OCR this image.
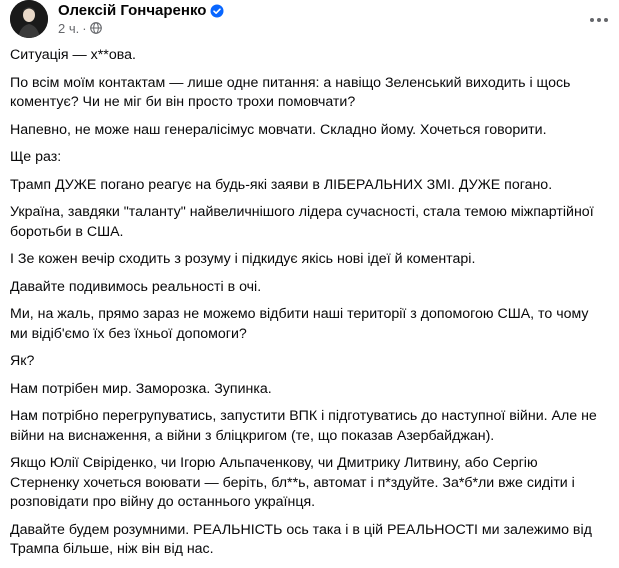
Олексій Гончаренко
2 ч. ·

Ситуація — х**ова.

По всім моїм контактам — лише одне питання: а навіщо Зеленський виходить і щось коментує? Чи не міг би він просто трохи помовчати?

Напевно, не може наш генералісімус мовчати. Складно йому. Хочеться говорити.

Ще раз:

Трамп ДУЖЕ погано реагує на будь-які заяви в ЛІБЕРАЛЬНИХ ЗМІ. ДУЖЕ погано.

Україна, завдяки "таланту" найвеличнішого лідера сучасності, стала темою міжпартійної боротьби в США.

І Зе кожен вечір сходить з розуму і підкидує якісь нові ідеї й коментарі.

Давайте подивимось реальності в очі.

Ми, на жаль, прямо зараз не можемо відбити наші території з допомогою США, то чому ми відіб'ємо їх без їхньої допомоги?

Як?

Нам потрібен мир. Заморозка. Зупинка.

Нам потрібно перегрупуватись, запустити ВПК і підготуватись до наступної війни. Але не війни на виснаження, а війни з бліцкригом (те, що показав Азербайджан).

Якщо Юлії Свіріденко, чи Ігорю Альпаченкову, чи Дмитрику Литвину, або Сергію Стерненку хочеться воювати — беріть, бл**ь, автомат і п*здуйте. За*б*ли вже сидіти і розповідати про війну до останнього українця.

Давайте будем розумними. РЕАЛЬНІСТЬ ось така і в цій РЕАЛЬНОСТІ ми залежимо від Трампа більше, ніж він від нас.
